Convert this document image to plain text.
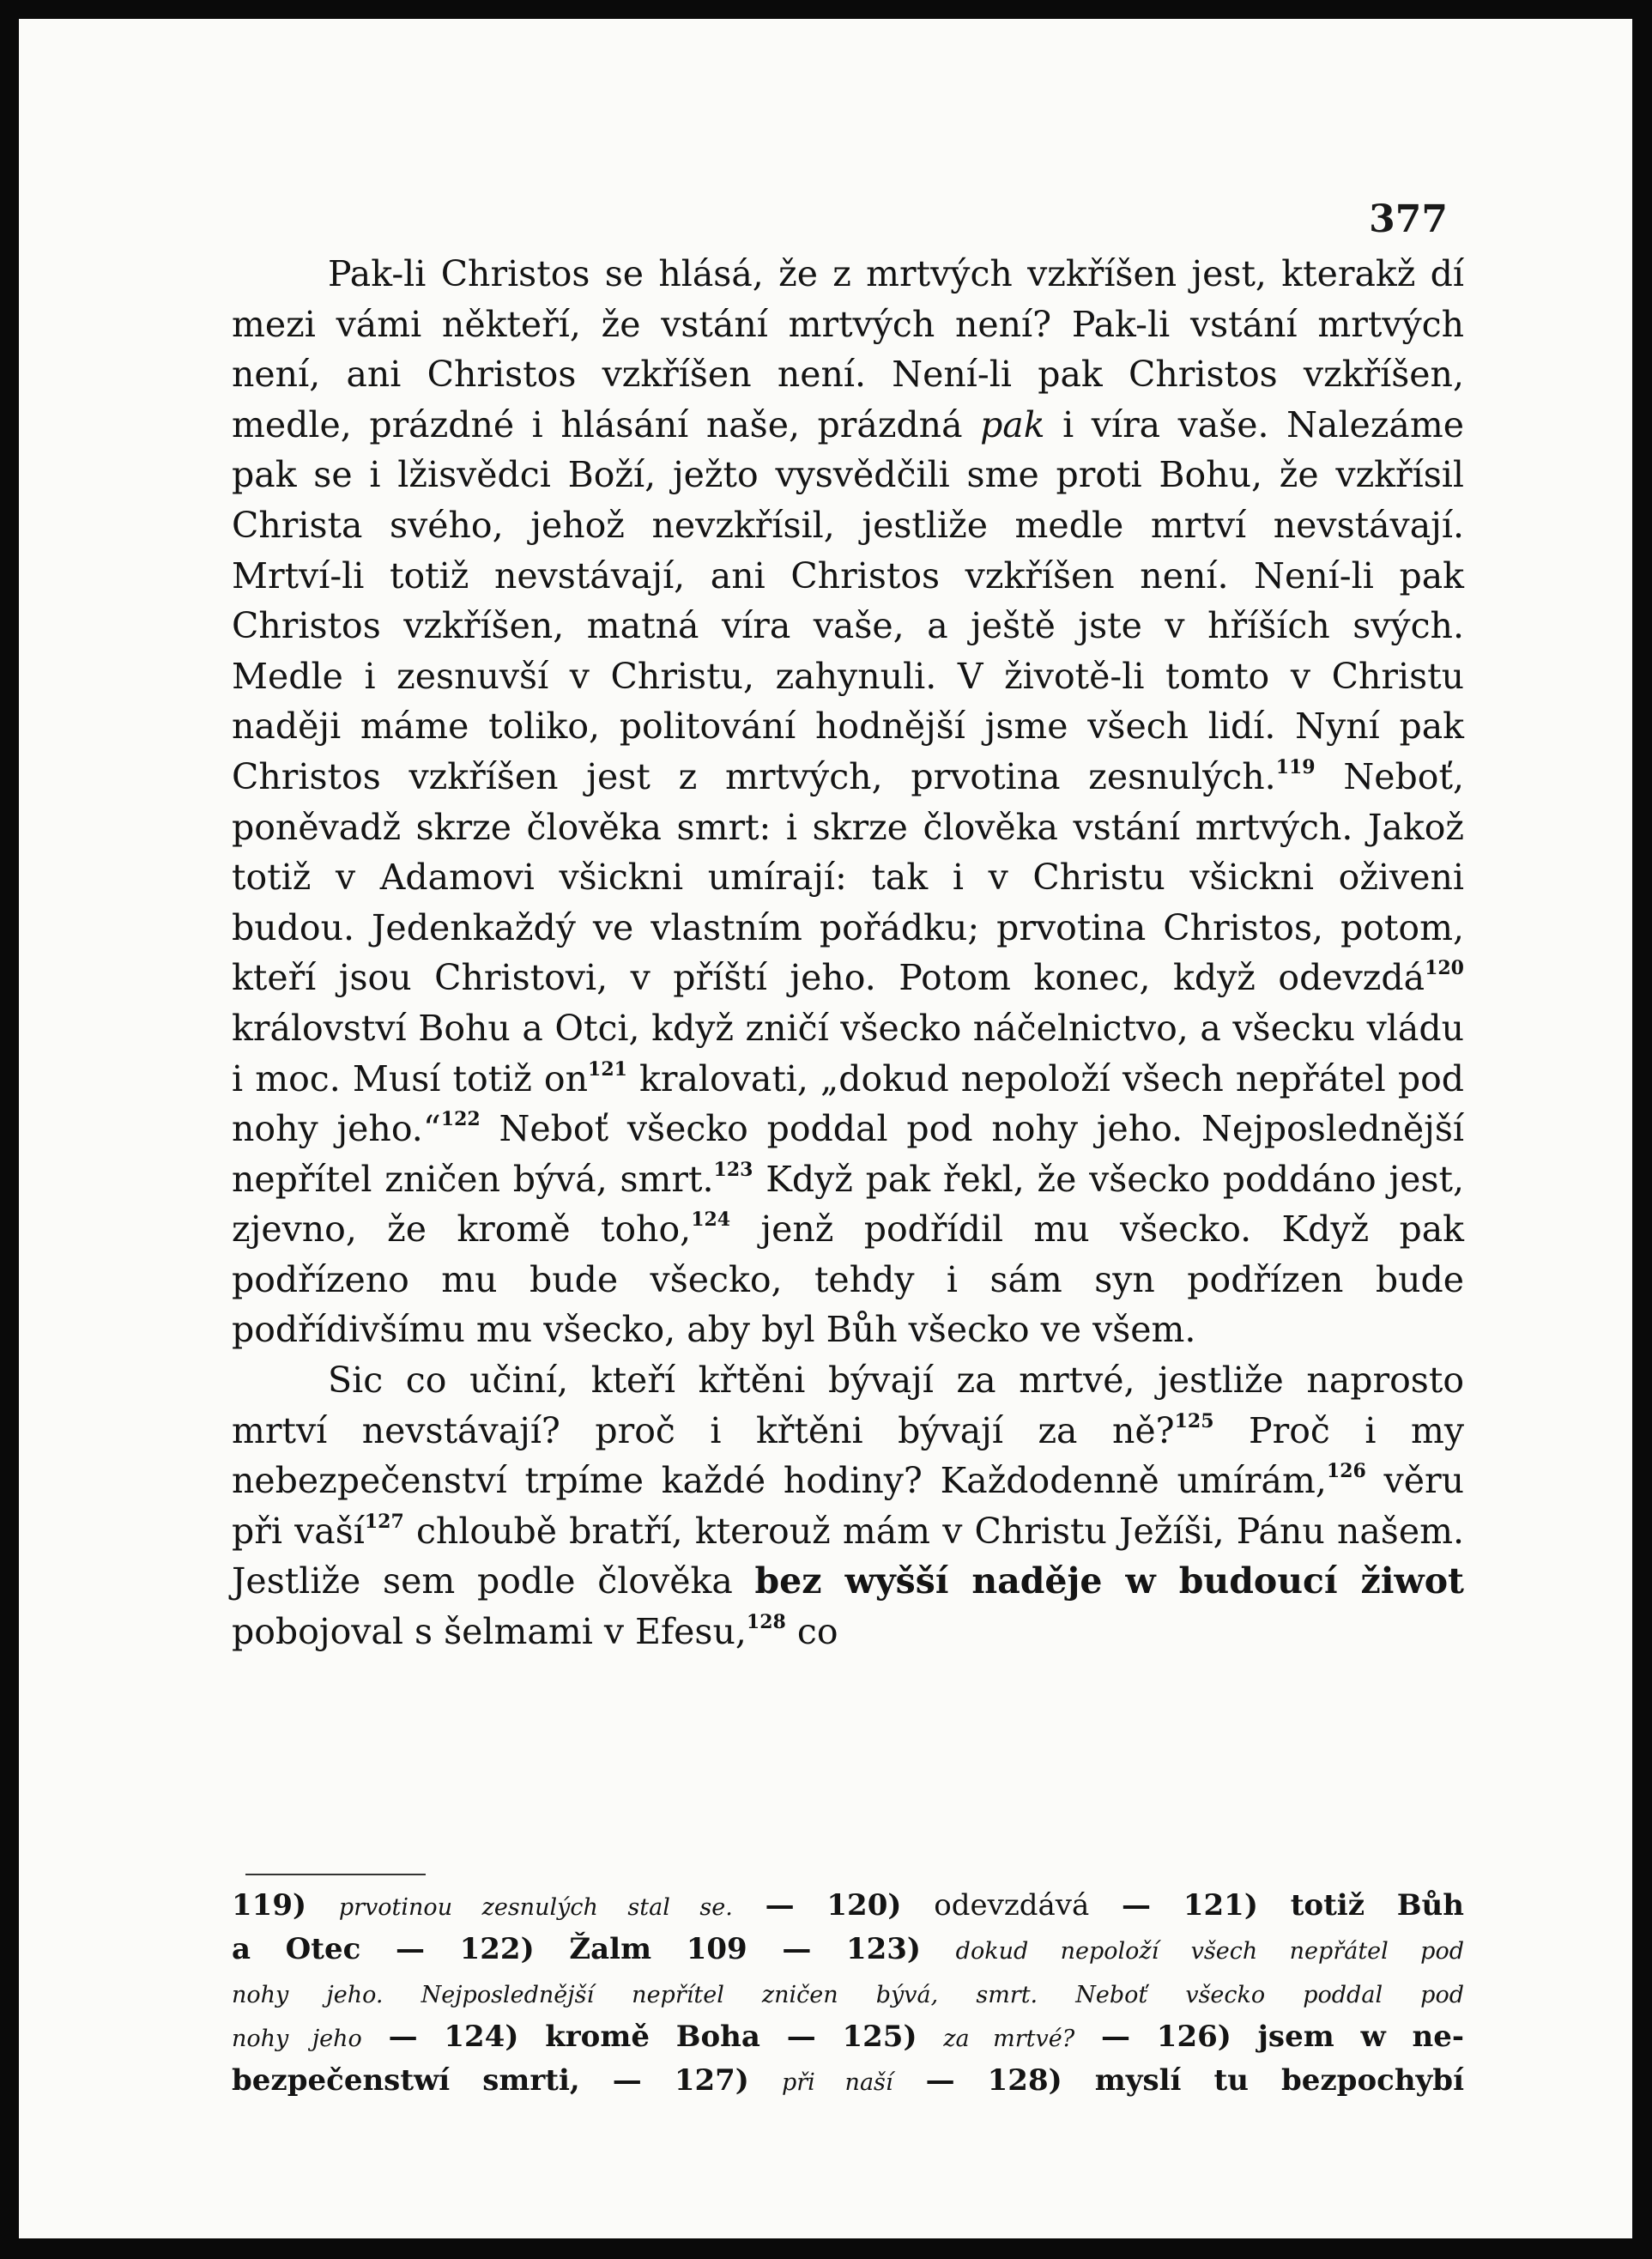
377

Pak-li Christos se hlásá, že z mrtvých vzkříšen jest, kterakž dí mezi vámi někteří, že vstání mrtvých není? Pak-li vstání mrtvých není, ani Christos vzkříšen není. Není-li pak Christos vzkříšen, medle, prázdné i hlásání naše, prázdná pak i víra vaše. Nalezáme pak se i lžisvědci Boží, ježto vysvědčili sme proti Bohu, že vzkřísil Christa svého, jehož nevzkřísil, jestliže medle mrtví nevstávají. Mrtví-li totiž nevstávají, ani Christos vzkříšen není. Není-li pak Christos vzkříšen, matná víra vaše, a ještě jste v hříších svých. Medle i zesnuvší v Christu, zahynuli. V životě-li tomto v Christu naději máme toliko, politování hodnější jsme všech lidí. Nyní pak Christos vzkříšen jest z mrtvých, prvotina zesnulých.$^{119}$ Neboť, poněvadž skrze člověka smrt: i skrze člověka vstání mrtvých. Jakož totiž v Adamovi všickni umírají: tak i v Christu všickni oživeni budou. Jedenkaždý ve vlastním pořádku; prvotina Christos, potom, kteří jsou Christovi, v příští jeho. Potom konec, když odevzdá$^{120}$ království Bohu a Otci, když zničí všecko náčelnictvo, a všecku vládu i moc. Musí totiž on$^{121}$ kralovati, „dokud nepoloží všech nepřátel pod nohy jeho.“$^{122}$ Neboť všecko poddal pod nohy jeho. Nejposlednější nepřítel zničen bývá, smrt.$^{123}$ Když pak řekl, že všecko poddáno jest, zjevno, že kromě toho,$^{124}$ jenž podřídil mu všecko. Když pak podřízeno mu bude všecko, tehdy i sám syn podřízen bude podřídivšímu mu všecko, aby byl Bůh všecko ve všem.

Sic co učiní, kteří křtěni bývají za mrtvé, jestliže naprosto mrtví nevstávají? proč i křtěni bývají za ně?$^{125}$ Proč i my nebezpečenství trpíme každé hodiny? Každodenně umírám,$^{126}$ věru při vaší$^{127}$ chloubě bratří, kterouž mám v Christu Ježíši, Pánu našem. Jestliže sem podle člověka bez wyšší naděje w budoucí žiwot pobojoval s šelmami v Efesu,$^{128}$ co

119) prvotinou zesnulých stal se. — 120) odevzdává — 121) totiž Bůh
a Otec — 122) Žalm 109 — 123) dokud nepoloží všech nepřátel pod
nohy jeho. Nejposlednější nepřítel zničen bývá, smrt. Neboť všecko poddal pod
nohy jeho — 124) kromě Boha — 125) za mrtvé? — 126) jsem w ne-
bezpečenstwí smrti, — 127) při naší — 128) myslí tu bezpochybí
